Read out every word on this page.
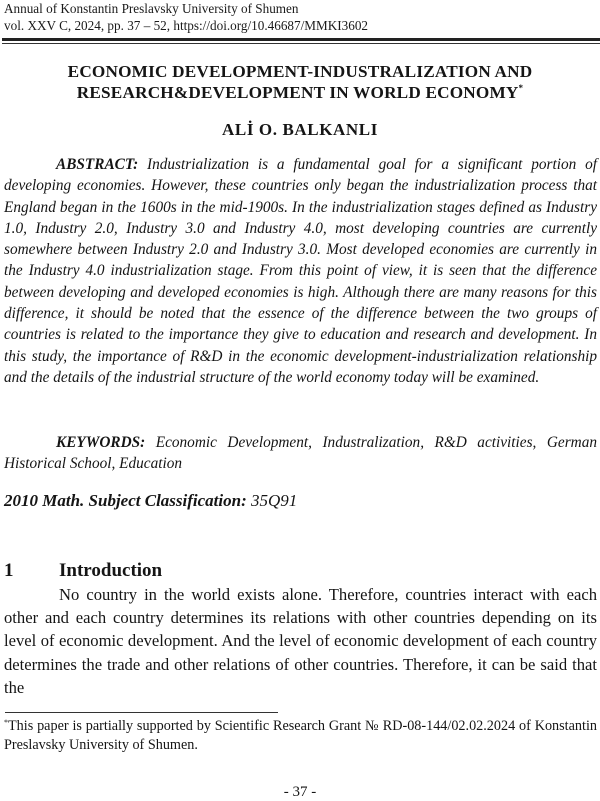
Annual of Konstantin Preslavsky University of Shumen
vol. XXV C, 2024, pp. 37 – 52, https://doi.org/10.46687/MMKI3602
ECONOMIC DEVELOPMENT-INDUSTRALIZATION AND
RESEARCH&DEVELOPMENT IN WORLD ECONOMY*
ALİ O. BALKANLI
ABSTRACT: Industrialization is a fundamental goal for a significant portion of developing economies. However, these countries only began the industrialization process that England began in the 1600s in the mid-1900s. In the industrialization stages defined as Industry 1.0, Industry 2.0, Industry 3.0 and Industry 4.0, most developing countries are currently somewhere between Industry 2.0 and Industry 3.0. Most developed economies are currently in the Industry 4.0 industrialization stage. From this point of view, it is seen that the difference between developing and developed economies is high. Although there are many reasons for this difference, it should be noted that the essence of the difference between the two groups of countries is related to the importance they give to education and research and development. In this study, the importance of R&D in the economic development-industrialization relationship and the details of the industrial structure of the world economy today will be examined.
KEYWORDS: Economic Development, Industralization, R&D activities, German Historical School, Education
2010 Math. Subject Classification: 35Q91
1 Introduction
No country in the world exists alone. Therefore, countries interact with each other and each country determines its relations with other countries depending on its level of economic development. And the level of economic development of each country determines the trade and other relations of other countries. Therefore, it can be said that the
*This paper is partially supported by Scientific Research Grant № RD-08-144/02.02.2024 of Konstantin Preslavsky University of Shumen.
- 37 -
